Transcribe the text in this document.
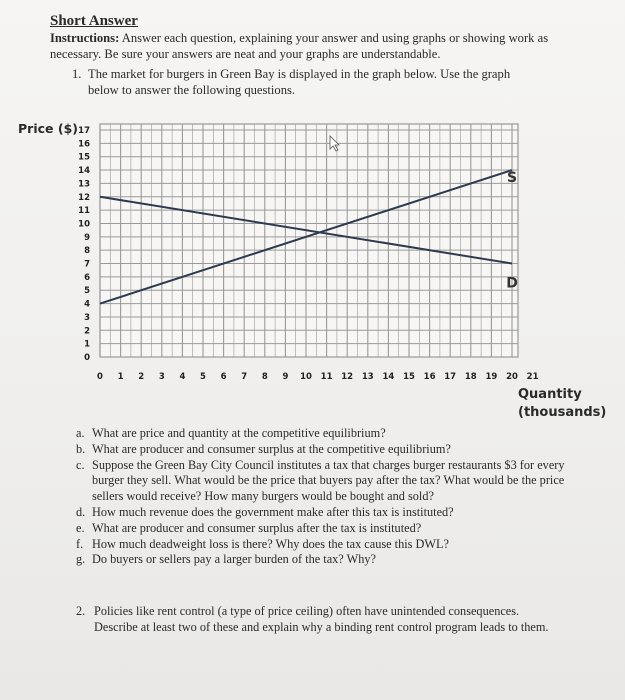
Short Answer
Instructions: Answer each question, explaining your answer and using graphs or showing work as necessary. Be sure your answers are neat and your graphs are understandable.
1. The market for burgers in Green Bay is displayed in the graph below. Use the graph below to answer the following questions.
Price ($)
0
1
2
3
4
5
6
7
8
9
10
11
12
13
14
15
16
17
0 1 2 3 4 5 6 7 8 9 10 11 12 13 14 15 16 17 18 19 20 21
S
D
Quantity
(thousands)
a. What are price and quantity at the competitive equilibrium?
b. What are producer and consumer surplus at the competitive equilibrium?
c. Suppose the Green Bay City Council institutes a tax that charges burger restaurants $3 for every burger they sell. What would be the price that buyers pay after the tax? What would be the price sellers would receive? How many burgers would be bought and sold?
d. How much revenue does the government make after this tax is instituted?
e. What are producer and consumer surplus after the tax is instituted?
f. How much deadweight loss is there? Why does the tax cause this DWL?
g. Do buyers or sellers pay a larger burden of the tax? Why?
2. Policies like rent control (a type of price ceiling) often have unintended consequences. Describe at least two of these and explain why a binding rent control program leads to them.
